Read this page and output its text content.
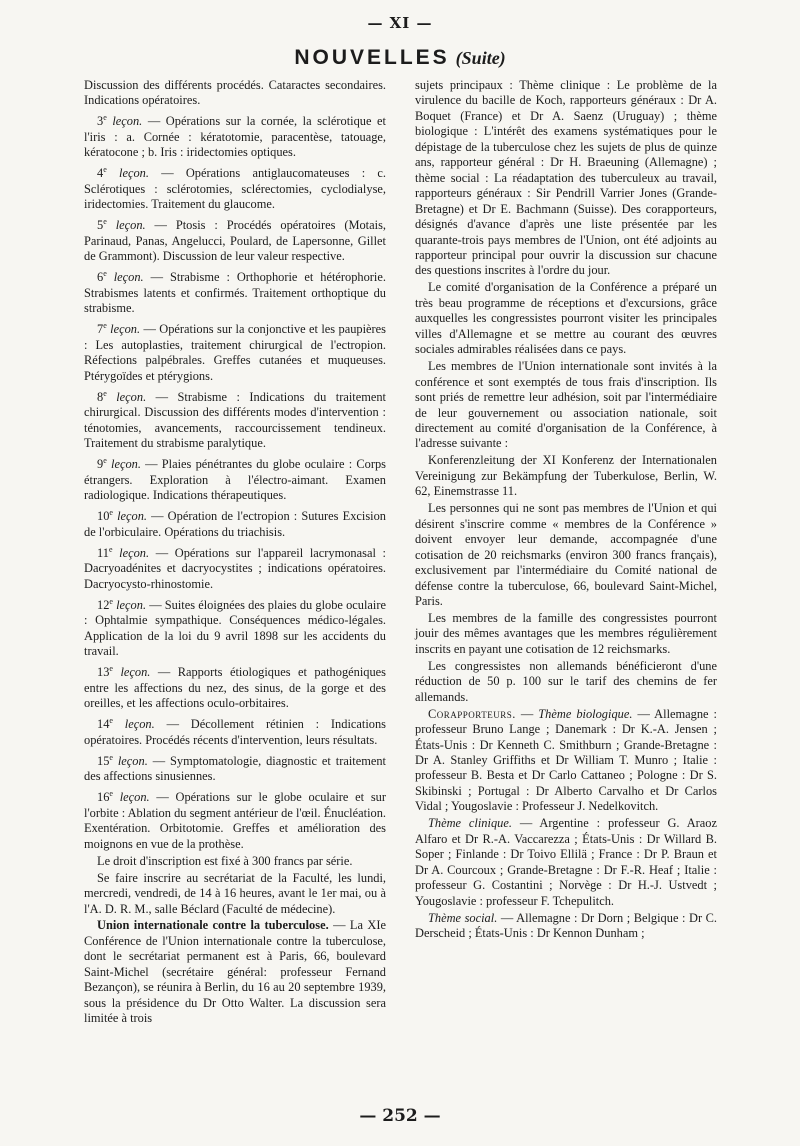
— XI —
NOUVELLES (Suite)

Discussion des différents procédés. Cataractes secondaires. Indications opératoires.

3e leçon. — Opérations sur la cornée, la sclérotique et l'iris : a. Cornée : kératotomie, paracentèse, tatouage, kératocone ; b. Iris : iridectomies optiques.

4e leçon. — Opérations antiglaucomateuses : c. Sclérotiques : sclérotomies, sclérectomies, cyclodialyse, iridectomies. Traitement du glaucome.

5e leçon. — Ptosis : Procédés opératoires (Motais, Parinaud, Panas, Angelucci, Poulard, de Lapersonne, Gillet de Grammont). Discussion de leur valeur respective.

6e leçon. — Strabisme : Orthophorie et hétérophorie. Strabismes latents et confirmés. Traitement orthoptique du strabisme.

7e leçon. — Opérations sur la conjonctive et les paupières : Les autoplasties, traitement chirurgical de l'ectropion. Réfections palpébrales. Greffes cutanées et muqueuses. Ptérygoïdes et ptérygions.

8e leçon. — Strabisme : Indications du traitement chirurgical. Discussion des différents modes d'intervention : ténotomies, avancements, raccourcissement tendineux. Traitement du strabisme paralytique.

9e leçon. — Plaies pénétrantes du globe oculaire : Corps étrangers. Exploration à l'électro-aimant. Examen radiologique. Indications thérapeutiques.

10e leçon. — Opération de l'ectropion : Sutures Excision de l'orbiculaire. Opérations du triachisis.

11e leçon. — Opérations sur l'appareil lacrymonasal : Dacryoadénites et dacryocystites ; indications opératoires. Dacryocysto-rhinostomie.

12e leçon. — Suites éloignées des plaies du globe oculaire : Ophtalmie sympathique. Conséquences médico-légales. Application de la loi du 9 avril 1898 sur les accidents du travail.

13e leçon. — Rapports étiologiques et pathogéniques entre les affections du nez, des sinus, de la gorge et des oreilles, et les affections oculo-orbitaires.

14e leçon. — Décollement rétinien : Indications opératoires. Procédés récents d'intervention, leurs résultats.

15e leçon. — Symptomatologie, diagnostic et traitement des affections sinusiennes.

16e leçon. — Opérations sur le globe oculaire et sur l'orbite : Ablation du segment antérieur de l'œil. Énucléation. Exentération. Orbitotomie. Greffes et amélioration des moignons en vue de la prothèse.

Le droit d'inscription est fixé à 300 francs par série.

Se faire inscrire au secrétariat de la Faculté, les lundi, mercredi, vendredi, de 14 à 16 heures, avant le 1er mai, ou à l'A. D. R. M., salle Béclard (Faculté de médecine).

Union internationale contre la tuberculose. — La XIe Conférence de l'Union internationale contre la tuberculose, dont le secrétariat permanent est à Paris, 66, boulevard Saint-Michel (secrétaire général: professeur Fernand Bezançon), se réunira à Berlin, du 16 au 20 septembre 1939, sous la présidence du Dr Otto Walter. La discussion sera limitée à trois

sujets principaux : Thème clinique : Le problème de la virulence du bacille de Koch, rapporteurs généraux : Dr A. Boquet (France) et Dr A. Saenz (Uruguay) ; thème biologique : L'intérêt des examens systématiques pour le dépistage de la tuberculose chez les sujets de plus de quinze ans, rapporteur général : Dr H. Braeuning (Allemagne) ; thème social : La réadaptation des tuberculeux au travail, rapporteurs généraux : Sir Pendrill Varrier Jones (Grande-Bretagne) et Dr E. Bachmann (Suisse). Des corapporteurs, désignés d'avance d'après une liste présentée par les quarante-trois pays membres de l'Union, ont été adjoints au rapporteur principal pour ouvrir la discussion sur chacune des questions inscrites à l'ordre du jour.

Le comité d'organisation de la Conférence a préparé un très beau programme de réceptions et d'excursions, grâce auxquelles les congressistes pourront visiter les principales villes d'Allemagne et se mettre au courant des œuvres sociales admirables réalisées dans ce pays.

Les membres de l'Union internationale sont invités à la conférence et sont exemptés de tous frais d'inscription. Ils sont priés de remettre leur adhésion, soit par l'intermédiaire de leur gouvernement ou association nationale, soit directement au comité d'organisation de la Conférence, à l'adresse suivante :

Konferenzleitung der XI Konferenz der Internationalen Vereinigung zur Bekämpfung der Tuberkulose, Berlin, W. 62, Einemstrasse 11.

Les personnes qui ne sont pas membres de l'Union et qui désirent s'inscrire comme « membres de la Conférence » doivent envoyer leur demande, accompagnée d'une cotisation de 20 reichsmarks (environ 300 francs français), exclusivement par l'intermédiaire du Comité national de défense contre la tuberculose, 66, boulevard Saint-Michel, Paris.

Les membres de la famille des congressistes pourront jouir des mêmes avantages que les membres régulièrement inscrits en payant une cotisation de 12 reichsmarks.

Les congressistes non allemands bénéficieront d'une réduction de 50 p. 100 sur le tarif des chemins de fer allemands.

Corapporteurs. — Thème biologique. — Allemagne : professeur Bruno Lange ; Danemark : Dr K.-A. Jensen ; États-Unis : Dr Kenneth C. Smithburn ; Grande-Bretagne : Dr A. Stanley Griffiths et Dr William T. Munro ; Italie : professeur B. Besta et Dr Carlo Cattaneo ; Pologne : Dr S. Skibinski ; Portugal : Dr Alberto Carvalho et Dr Carlos Vidal ; Yougoslavie : Professeur J. Nedelkovitch.

Thème clinique. — Argentine : professeur G. Araoz Alfaro et Dr R.-A. Vaccarezza ; États-Unis : Dr Willard B. Soper ; Finlande : Dr Toivo Ellilä ; France : Dr P. Braun et Dr A. Courcoux ; Grande-Bretagne : Dr F.-R. Heaf ; Italie : professeur G. Costantini ; Norvège : Dr H.-J. Ustvedt ; Yougoslavie : professeur F. Tchepulitch.

Thème social. — Allemagne : Dr Dorn ; Belgique : Dr C. Derscheid ; États-Unis : Dr Kennon Dunham ;

— 252 —
